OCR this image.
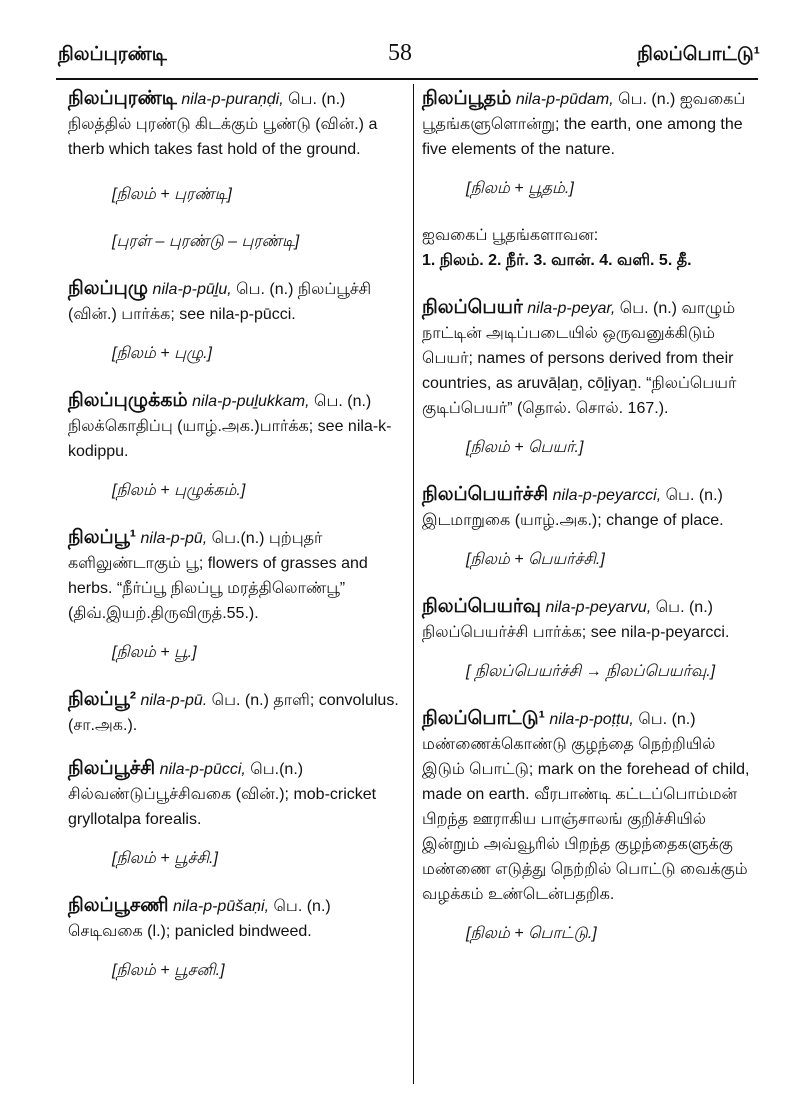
நிலப்புரண்டி	58	நிலப்பொட்டு¹
நிலப்புரண்டி nila-p-puraṇḍi, பெ. (n.) நிலத்தில் புரண்டு கிடக்கும் பூண்டு (வின்.) a therb which takes fast hold of the ground.
[நிலம் + புரண்டி]
[புரள் – புரண்டு – புரண்டி]
நிலப்புழு nila-p-pūḻu, பெ. (n.) நிலப்பூச்சி (வின்.) பார்க்க; see nila-p-pūcci.
[நிலம் + புழு.]
நிலப்புழுக்கம் nila-p-puḻukkam, பெ. (n.) நிலக்கொதிப்பு (யாழ்.அக.)பார்க்க; see nila-k-kodippu.
[நிலம் + புழுக்கம்.]
நிலப்பூ¹ nila-p-pū, பெ.(n.) புற்புதர் களிலுண்டாகும் பூ; flowers of grasses and herbs. “நீர்ப்பூ நிலப்பூ மரத்திலொண்பூ” (திவ்.இயற்.திருவிருத்.55.).
[நிலம் + பூ.]
நிலப்பூ² nila-p-pū. பெ. (n.) தாளி; convolulus. (சா.அக.).
நிலப்பூச்சி nila-p-pūcci, பெ.(n.) சில்வண்டுப்பூச்சிவகை (வின்.); mob-cricket gryllotalpa forealis.
[நிலம் + பூச்சி.]
நிலப்பூசணி nila-p-pūšaṇi, பெ. (n.) செடிவகை (l.); panicled bindweed.
[நிலம் + பூசனி.]
நிலப்பூதம் nila-p-pūdam, பெ. (n.) ஐவகைப் பூதங்களுளொன்று; the earth, one among the five elements of the nature.
[நிலம் + பூதம்.]

ஐவகைப் பூதங்களாவன:

1. நிலம். 2. நீர். 3. வான். 4. வளி. 5. தீ.

நிலப்பெயர் nila-p-peyar, பெ. (n.) வாழும் நாட்டின் அடிப்படையில் ஒருவனுக்கிடும் பெயர்; names of persons derived from their countries, as aruvāḷaṉ, cōḻiyaṉ. “நிலப்பெயர் குடிப்பெயர்” (தொல். சொல். 167.).
[நிலம் + பெயர்.]
நிலப்பெயர்ச்சி nila-p-peyarcci, பெ. (n.) இடமாறுகை (யாழ்.அக.); change of place.
[நிலம் + பெயர்ச்சி.]
நிலப்பெயர்வு nila-p-peyarvu, பெ. (n.) நிலப்பெயர்ச்சி பார்க்க; see nila-p-peyarcci.
[ நிலப்பெயர்ச்சி → நிலப்பெயர்வு.]
நிலப்பொட்டு¹ nila-p-poṭṭu, பெ. (n.) மண்ணைக்கொண்டு குழந்தை நெற்றியில் இடும் பொட்டு; mark on the forehead of child, made on earth. வீரபாண்டி கட்டப்பொம்மன் பிறந்த ஊராகிய பாஞ்சாலங் குறிச்சியில் இன்றும் அவ்வூரில் பிறந்த குழந்தைகளுக்கு மண்ணை எடுத்து நெற்றில் பொட்டு வைக்கும் வழக்கம் உண்டென்பதறிக.
[நிலம் + பொட்டு.]
